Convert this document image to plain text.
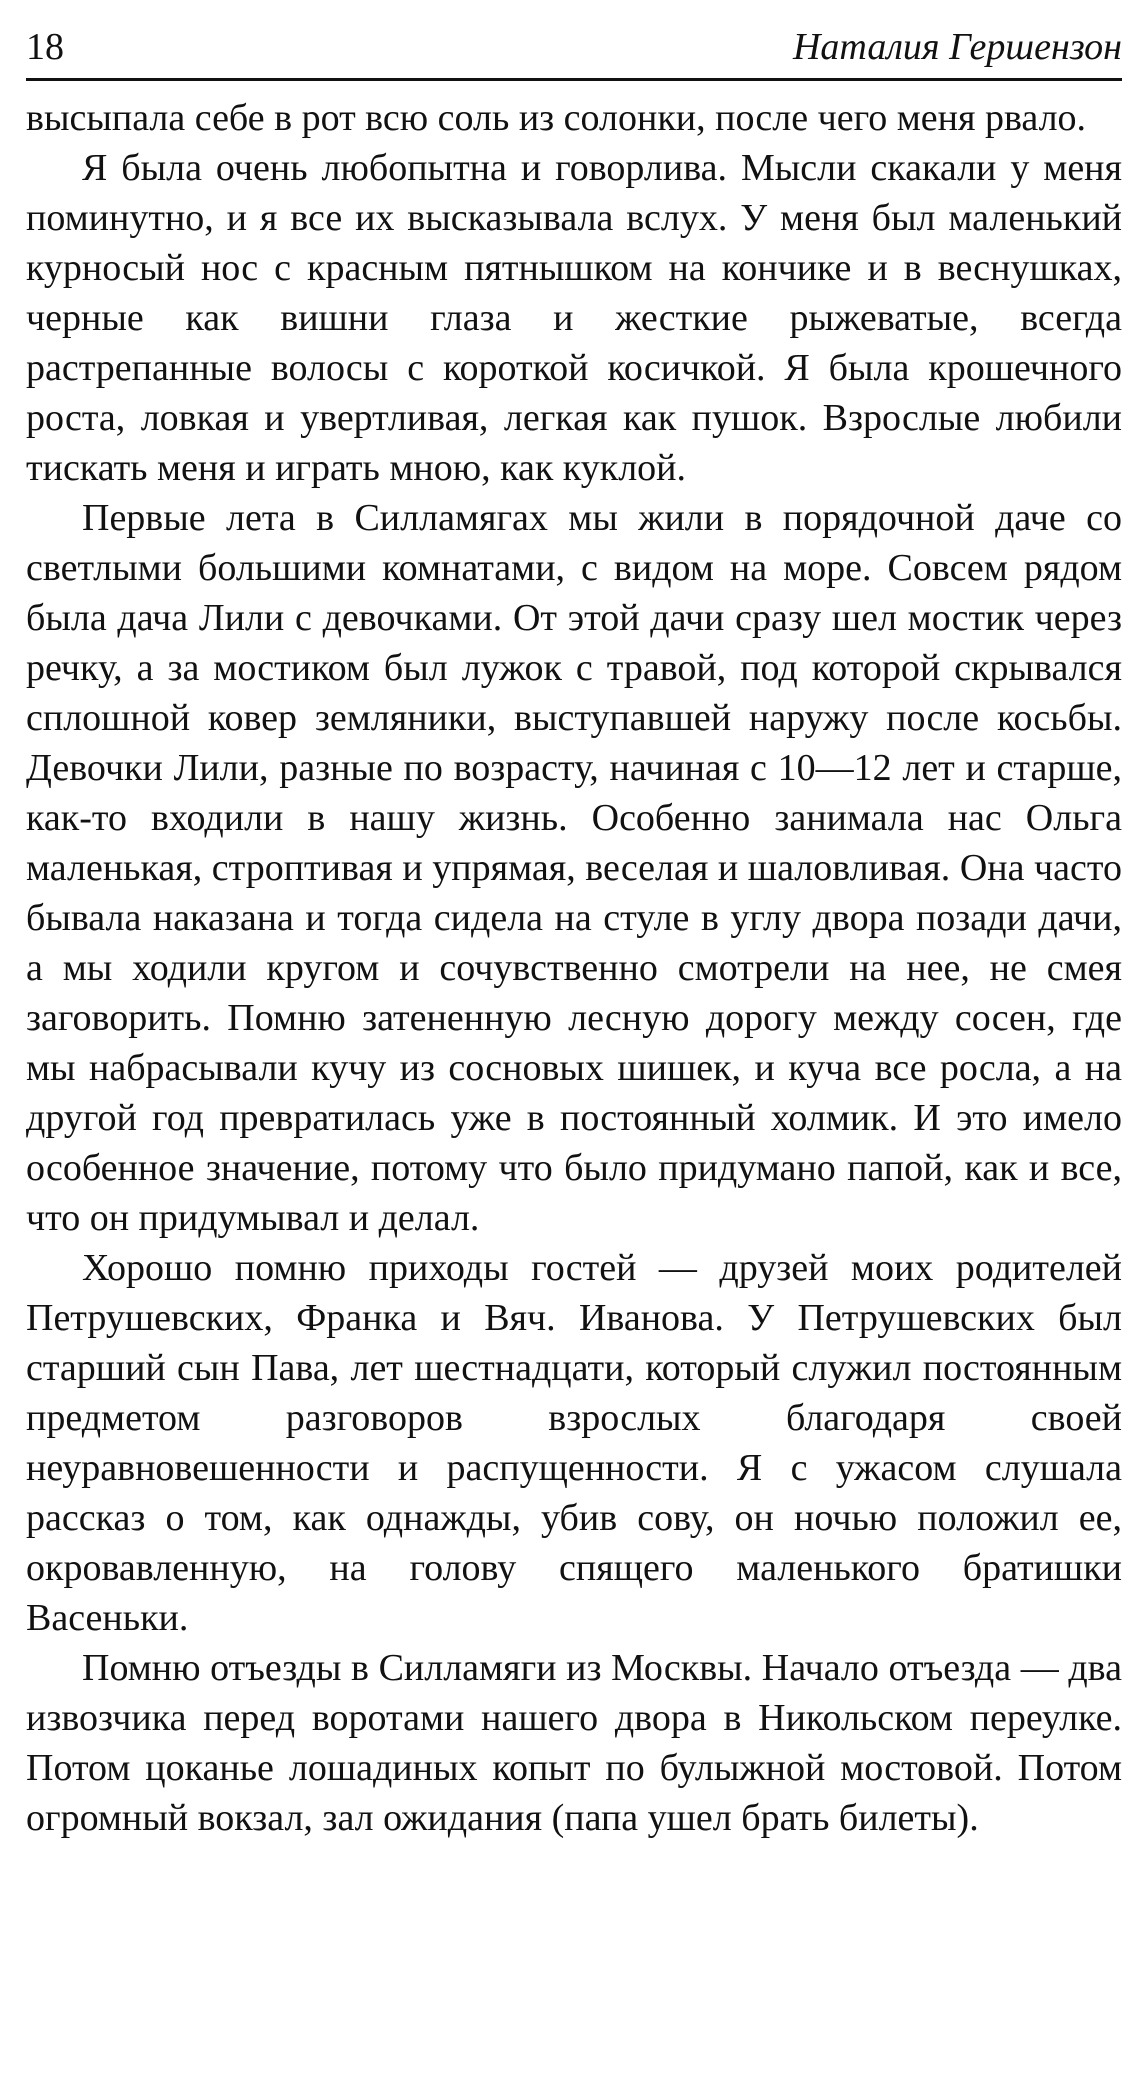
18	Наталия Гершензон

высыпала себе в рот всю соль из солонки, после чего меня рвало.

Я была очень любопытна и говорлива. Мысли скакали у меня поминутно, и я все их высказывала вслух. У меня был маленький курносый нос с красным пятнышком на кончике и в веснушках, черные как вишни глаза и жесткие рыжеватые, всегда растрепанные волосы с короткой косичкой. Я была крошечного роста, ловкая и увертливая, легкая как пушок. Взрослые любили тискать меня и играть мною, как куклой.

Первые лета в Силламягах мы жили в порядочной даче со светлыми большими комнатами, с видом на море. Совсем рядом была дача Лили с девочками. От этой дачи сразу шел мостик через речку, а за мостиком был лужок с травой, под которой скрывался сплошной ковер земляники, выступавшей наружу после косьбы. Девочки Лили, разные по возрасту, начиная с 10—12 лет и старше, как-то входили в нашу жизнь. Особенно занимала нас Ольга маленькая, строптивая и упрямая, веселая и шаловливая. Она часто бывала наказана и тогда сидела на стуле в углу двора позади дачи, а мы ходили кругом и сочувственно смотрели на нее, не смея заговорить. Помню затененную лесную дорогу между сосен, где мы набрасывали кучу из сосновых шишек, и куча все росла, а на другой год превратилась уже в постоянный холмик. И это имело особенное значение, потому что было придумано папой, как и все, что он придумывал и делал.

Хорошо помню приходы гостей — друзей моих родителей Петрушевских, Франка и Вяч. Иванова. У Петрушевских был старший сын Пава, лет шестнадцати, который служил постоянным предметом разговоров взрослых благодаря своей неуравновешенности и распущенности. Я с ужасом слушала рассказ о том, как однажды, убив сову, он ночью положил ее, окровавленную, на голову спящего маленького братишки Васеньки.

Помню отъезды в Силламяги из Москвы. Начало отъезда — два извозчика перед воротами нашего двора в Никольском переулке. Потом цоканье лошадиных копыт по булыжной мостовой. Потом огромный вокзал, зал ожидания (папа ушел брать билеты).
